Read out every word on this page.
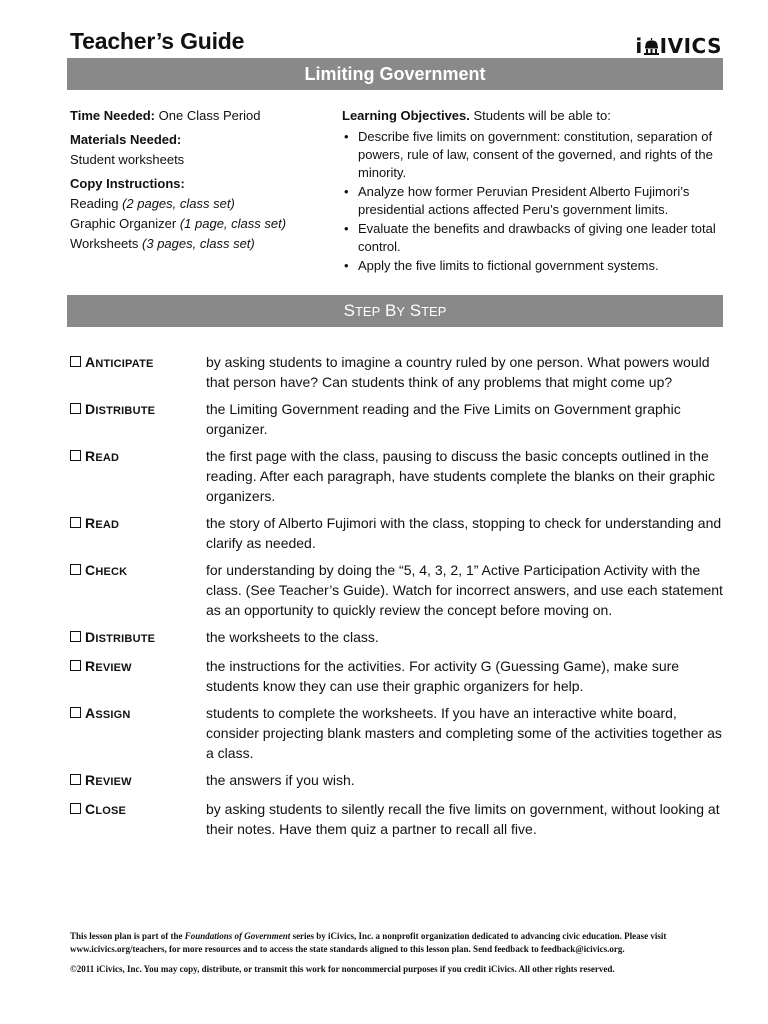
Teacher’s Guide	i IVICS
Limiting Government
Time Needed: One Class Period
Materials Needed:
Student worksheets
Copy Instructions:
Reading (2 pages, class set)
Graphic Organizer (1 page, class set)
Worksheets (3 pages, class set)
Learning Objectives. Students will be able to:
• Describe five limits on government: constitution, separation of powers, rule of law, consent of the governed, and rights of the minority.
• Analyze how former Peruvian President Alberto Fujimori’s presidential actions affected Peru’s government limits.
• Evaluate the benefits and drawbacks of giving one leader total control.
• Apply the five limits to fictional government systems.
STEP BY STEP
ANTICIPATE	by asking students to imagine a country ruled by one person. What powers would that person have? Can students think of any problems that might come up?
DISTRIBUTE	the Limiting Government reading and the Five Limits on Government graphic organizer.
READ	the first page with the class, pausing to discuss the basic concepts outlined in the reading. After each paragraph, have students complete the blanks on their graphic organizers.
READ	the story of Alberto Fujimori with the class, stopping to check for understanding and clarify as needed.
CHECK	for understanding by doing the “5, 4, 3, 2, 1” Active Participation Activity with the class. (See Teacher’s Guide). Watch for incorrect answers, and use each statement as an opportunity to quickly review the concept before moving on.
DISTRIBUTE	the worksheets to the class.
REVIEW	the instructions for the activities. For activity G (Guessing Game), make sure students know they can use their graphic organizers for help.
ASSIGN	students to complete the worksheets. If you have an interactive white board, consider projecting blank masters and completing some of the activities together as a class.
REVIEW	the answers if you wish.
CLOSE	by asking students to silently recall the five limits on government, without looking at their notes. Have them quiz a partner to recall all five.
This lesson plan is part of the Foundations of Government series by iCivics, Inc. a nonprofit organization dedicated to advancing civic education. Please visit www.icivics.org/teachers, for more resources and to access the state standards aligned to this lesson plan. Send feedback to feedback@icivics.org.
©2011 iCivics, Inc. You may copy, distribute, or transmit this work for noncommercial purposes if you credit iCivics. All other rights reserved.
